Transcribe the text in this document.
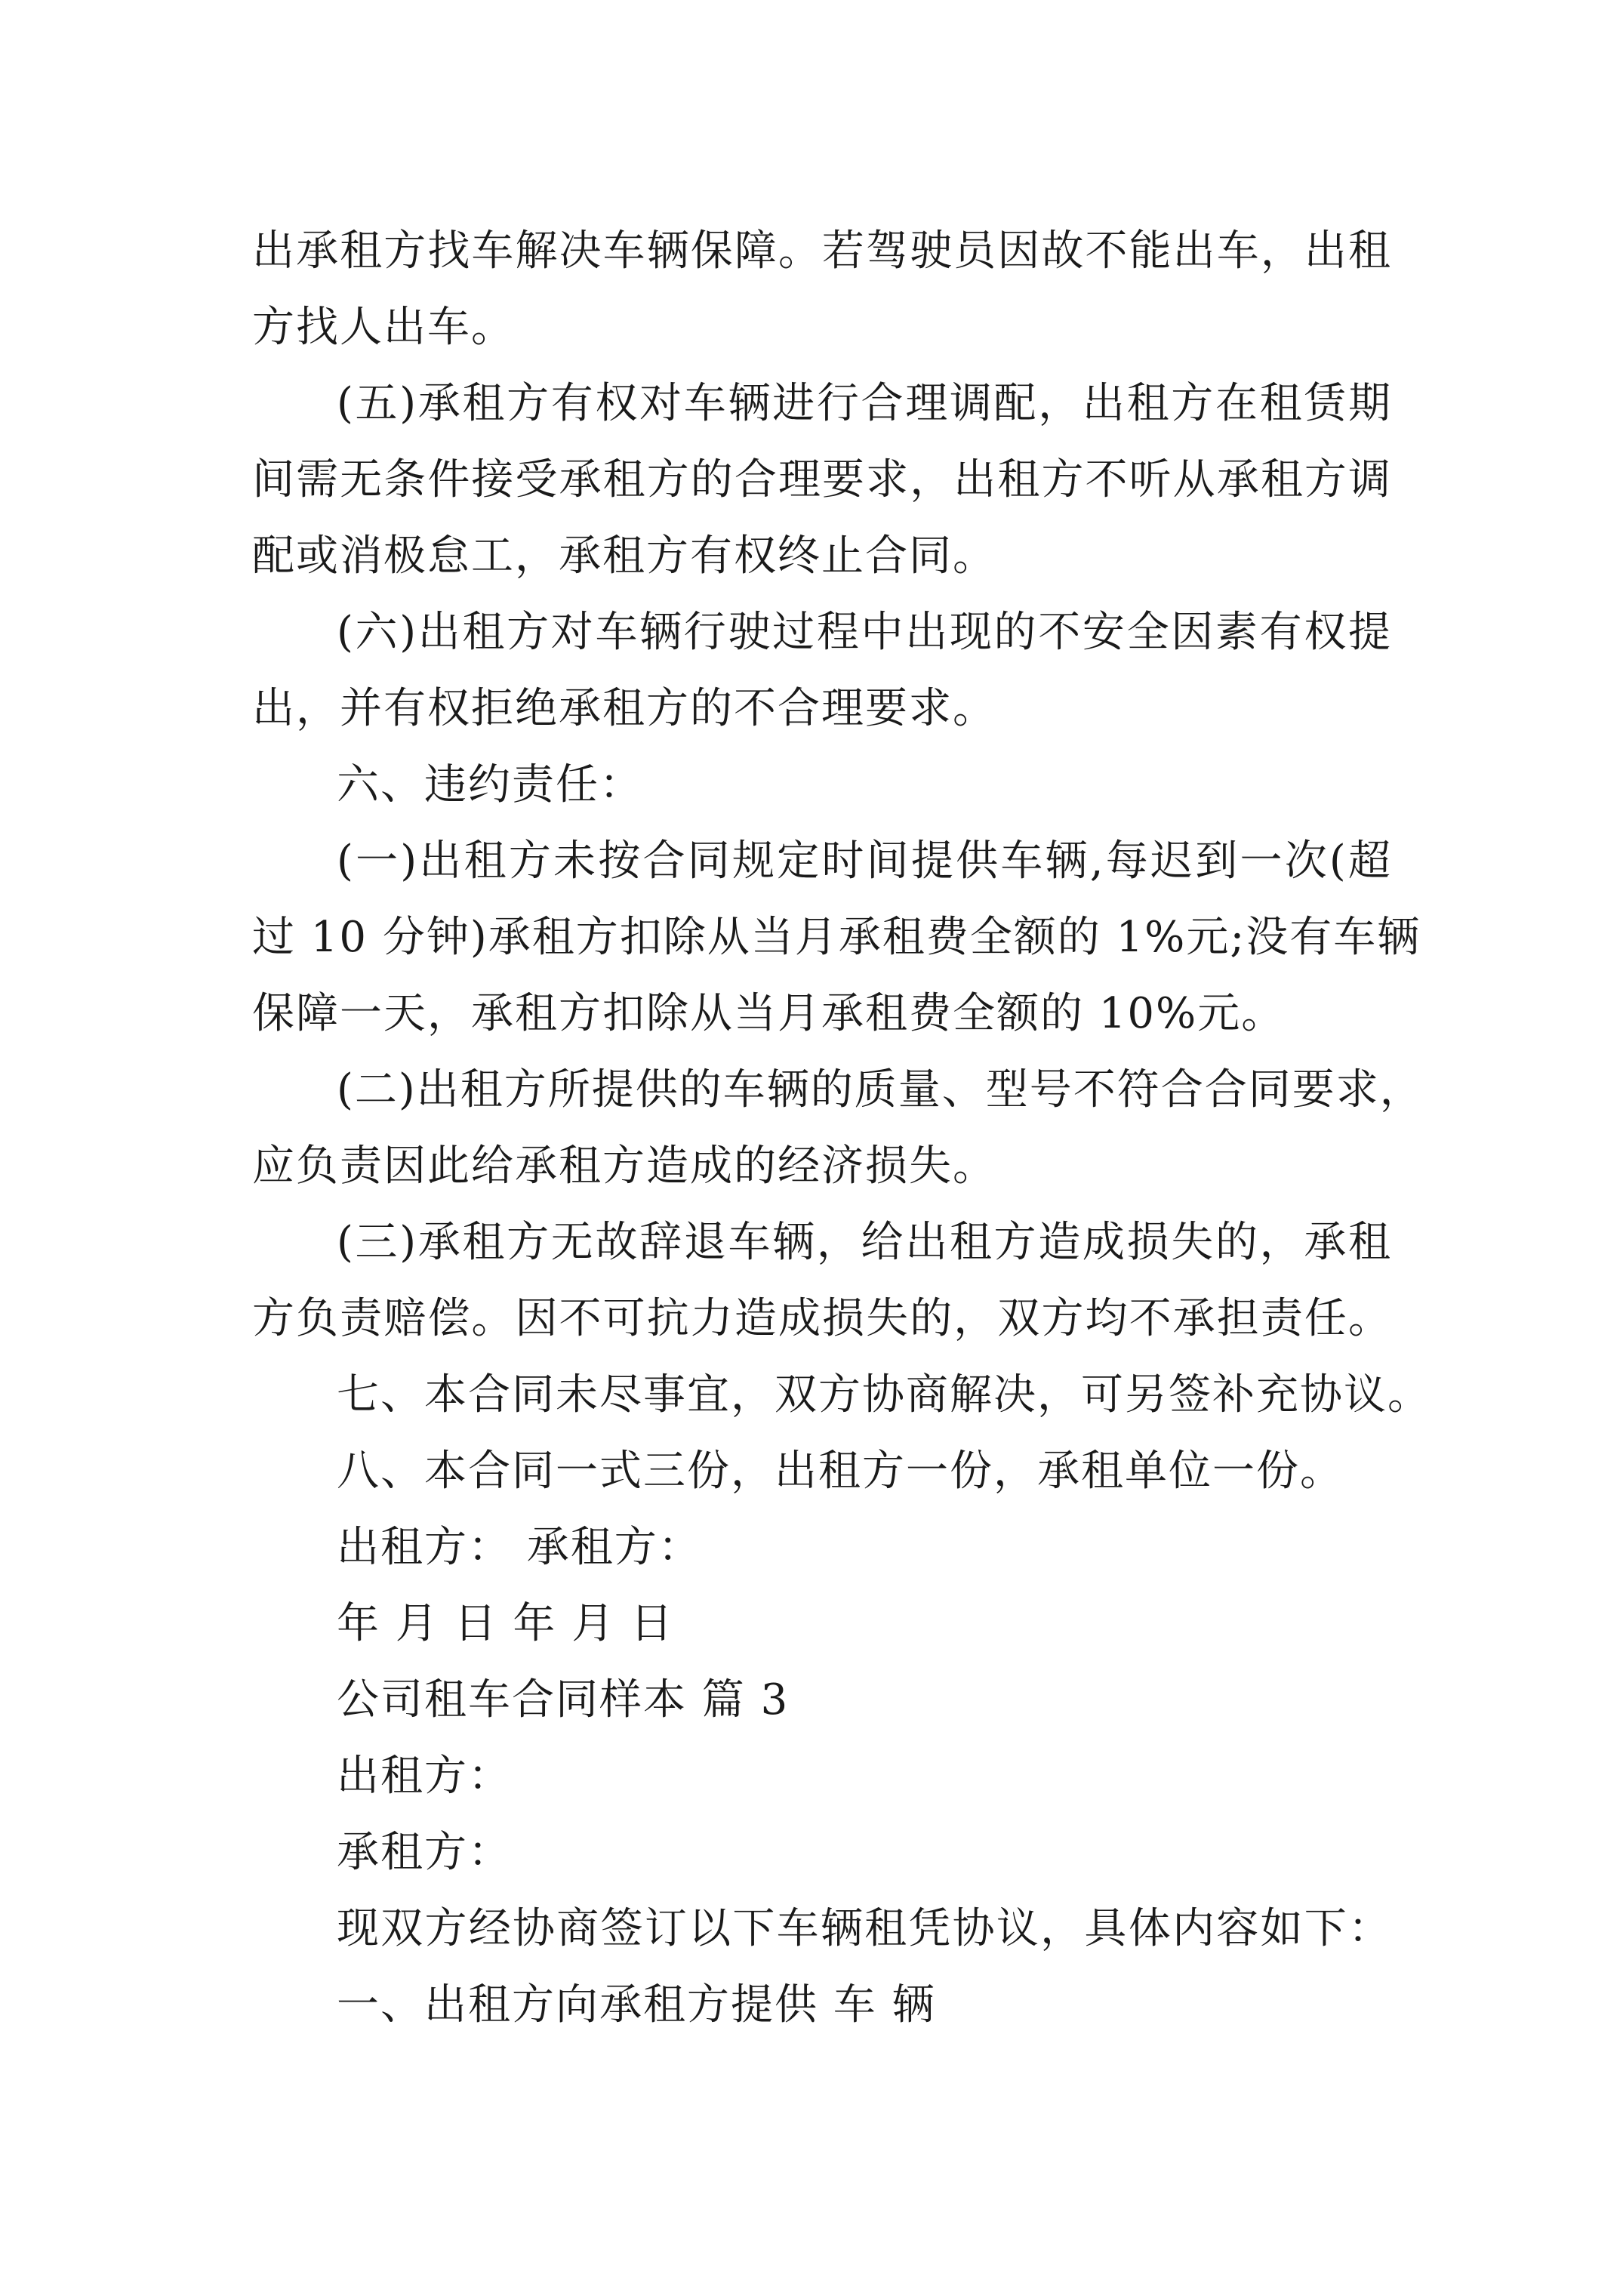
出承租方找车解决车辆保障。若驾驶员因故不能出车，出租
方找人出车。
(五)承租方有权对车辆进行合理调配，出租方在租赁期
间需无条件接受承租方的合理要求，出租方不听从承租方调
配或消极怠工，承租方有权终止合同。
(六)出租方对车辆行驶过程中出现的不安全因素有权提
出，并有权拒绝承租方的不合理要求。
六、违约责任：
(一)出租方未按合同规定时间提供车辆,每迟到一次(超
过 10 分钟)承租方扣除从当月承租费全额的 1%元;没有车辆
保障一天，承租方扣除从当月承租费全额的 10%元。
(二)出租方所提供的车辆的质量、型号不符合合同要求，
应负责因此给承租方造成的经济损失。
(三)承租方无故辞退车辆，给出租方造成损失的，承租
方负责赔偿。因不可抗力造成损失的，双方均不承担责任。
七、本合同未尽事宜，双方协商解决，可另签补充协议。
八、本合同一式三份，出租方一份，承租单位一份。
出租方： 承租方：
年 月 日 年 月 日
公司租车合同样本 篇 3
出租方：
承租方：
现双方经协商签订以下车辆租凭协议，具体内容如下：
一、出租方向承租方提供 车 辆
